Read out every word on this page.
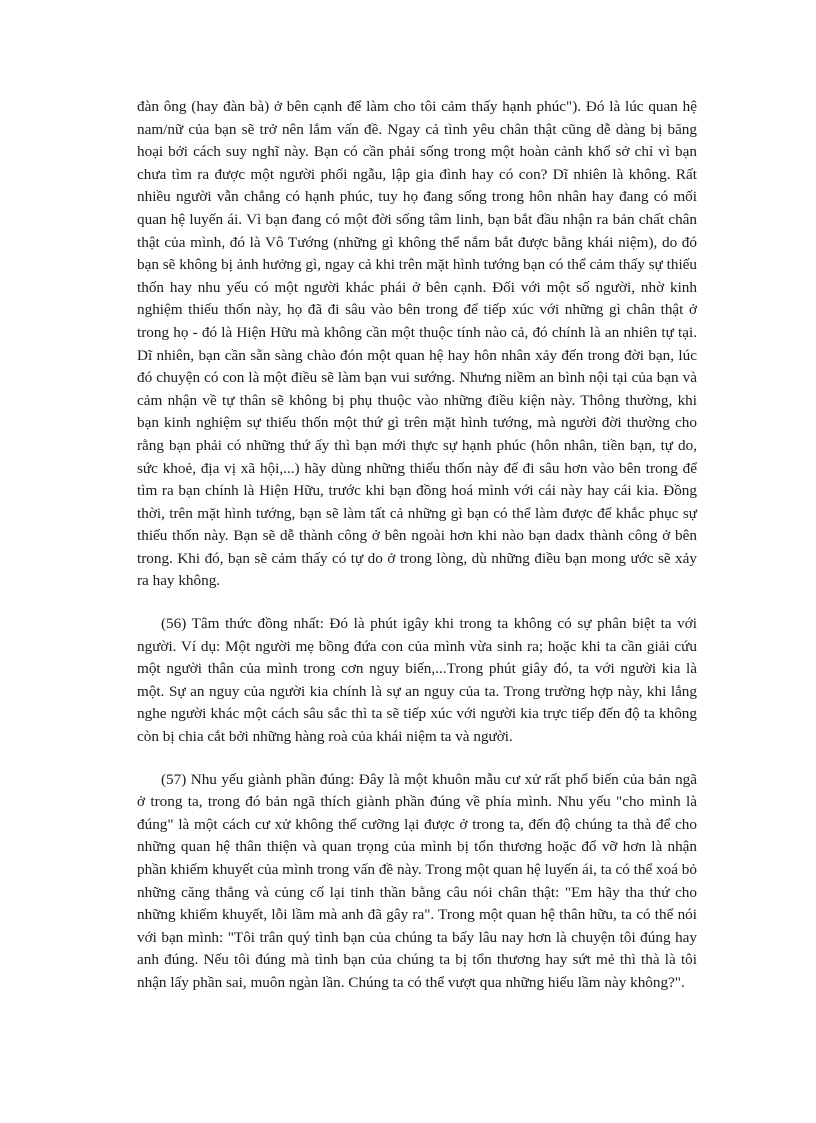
đàn ông (hay đàn bà) ở bên cạnh để làm cho tôi cảm thấy hạnh phúc"). Đó là lúc quan hệ nam/nữ của bạn sẽ trở nên lắm vấn đề. Ngay cả tình yêu chân thật cũng dễ dàng bị băng hoại bởi cách suy nghĩ này. Bạn có cần phải sống trong một hoàn cảnh khổ sở chỉ vì bạn chưa tìm ra được một người phối ngẫu, lập gia đình hay có con? Dĩ nhiên là không. Rất nhiều người vẫn chẳng có hạnh phúc, tuy họ đang sống trong hôn nhân hay đang có mối quan hệ luyến ái. Vì bạn đang có một đời sống tâm linh, bạn bắt đầu nhận ra bản chất chân thật của mình, đó là Vô Tướng (những gì không thể nắm bắt được bằng khái niệm), do đó bạn sẽ không bị ảnh hưởng gì, ngay cả khi trên mặt hình tướng bạn có thể cảm thấy sự thiếu thốn hay nhu yếu có một người khác phái ở bên cạnh. Đối với một số người, nhờ kinh nghiệm thiếu thốn này, họ đã đi sâu vào bên trong để tiếp xúc với những gì chân thật ở trong họ - đó là Hiện Hữu mà không cần một thuộc tính nào cả, đó chính là an nhiên tự tại. Dĩ nhiên, bạn cần sẵn sàng chào đón một quan hệ hay hôn nhân xảy đến trong đời bạn, lúc đó chuyện có con là một điều sẽ làm bạn vui sướng. Nhưng niềm an bình nội tại của bạn và cảm nhận về tự thân sẽ không bị phụ thuộc vào những điều kiện này. Thông thường, khi bạn kinh nghiệm sự thiếu thốn một thứ gì trên mặt hình tướng, mà người đời thường cho rằng bạn phải có những thứ ấy thì bạn mới thực sự hạnh phúc (hôn nhân, tiền bạn, tự do, sức khoẻ, địa vị xã hội,...) hãy dùng những thiếu thốn này để đi sâu hơn vào bên trong để tìm ra bạn chính là Hiện Hữu, trước khi bạn đồng hoá mình với cái này hay cái kia. Đồng thời, trên mặt hình tướng, bạn sẽ làm tất cả những gì bạn có thể làm được để khắc phục sự thiếu thốn này. Bạn sẽ dễ thành công ở bên ngoài hơn khi nào bạn dadx thành công ở bên trong. Khi đó, bạn sẽ cảm thấy có tự do ở trong lòng, dù những điều bạn mong ước sẽ xảy ra hay không.

(56) Tâm thức đồng nhất: Đó là phút igây khi trong ta không có sự phân biệt ta với người. Ví dụ: Một người mẹ bồng đứa con của mình vừa sinh ra; hoặc khi ta cần giải cứu một người thân của mình trong cơn nguy biến,...Trong phút giây đó, ta với người kia là một. Sự an nguy của người kia chính là sự an nguy của ta. Trong trường hợp này, khi lắng nghe người khác một cách sâu sắc thì ta sẽ tiếp xúc với người kia trực tiếp đến độ ta không còn bị chia cắt bởi những hàng roà của khái niệm ta và người.

(57) Nhu yếu giành phần đúng: Đây là một khuôn mẫu cư xử rất phổ biến của bản ngã ở trong ta, trong đó bản ngã thích giành phần đúng về phía mình. Nhu yếu "cho mình là đúng" là một cách cư xử không thể cưỡng lại được ở trong ta, đến độ chúng ta thà để cho những quan hệ thân thiện và quan trọng của mình bị tổn thương hoặc đổ vỡ hơn là nhận phần khiếm khuyết của mình trong vấn đề này. Trong một quan hệ luyến ái, ta có thể xoá bỏ những căng thẳng và củng cố lại tinh thần bằng câu nói chân thật: "Em hãy tha thứ cho những khiếm khuyết, lỗi lầm mà anh đã gây ra". Trong một quan hệ thân hữu, ta có thể nói với bạn mình: "Tôi trân quý tình bạn của chúng ta bấy lâu nay hơn là chuyện tôi đúng hay anh đúng. Nếu tôi đúng mà tình bạn của chúng ta bị tổn thương hay sứt mẻ thì thà là tôi nhận lấy phần sai, muôn ngàn lần. Chúng ta có thể vượt qua những hiểu lầm này không?".
